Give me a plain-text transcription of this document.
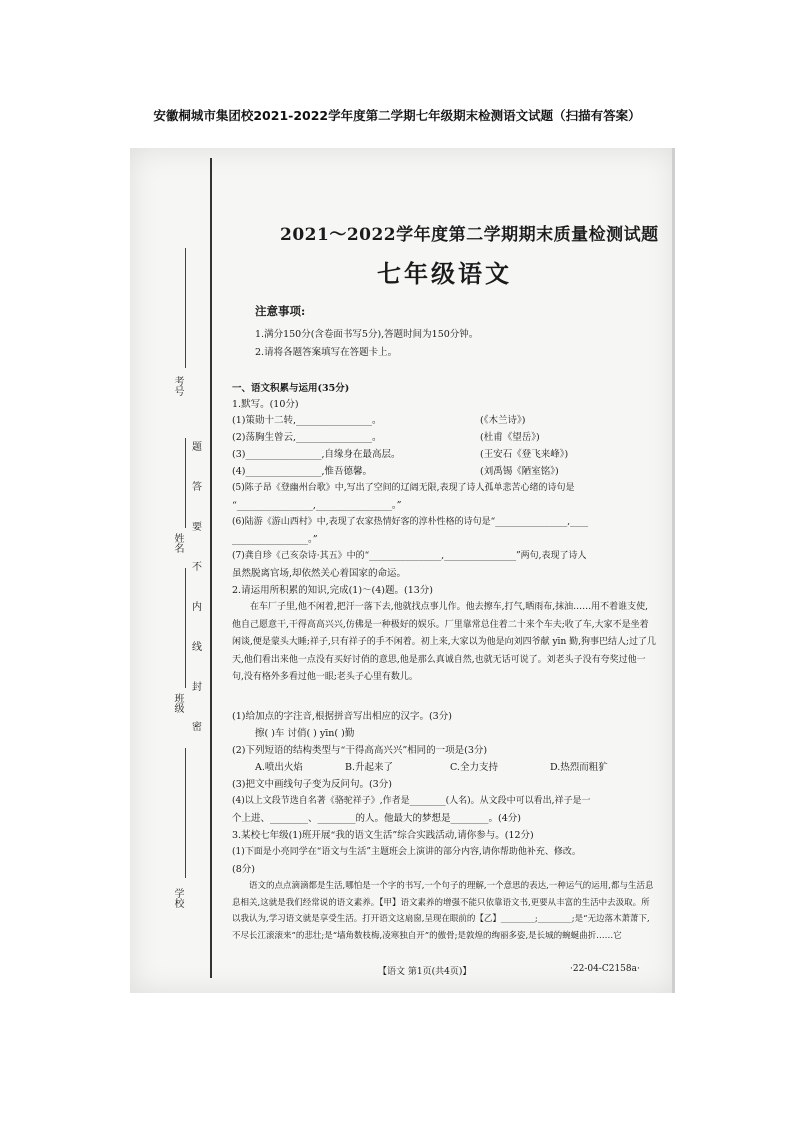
安徽桐城市集团校2021-2022学年度第二学期七年级期末检测语文试题（扫描有答案）
考号
姓名
班级
学校
题
答
要
不
内
线
封
密
2021～2022学年度第二学期期末质量检测试题
七年级语文
注意事项:
1.满分150分(含卷面书写5分),答题时间为150分钟。
2.请将各题答案填写在答题卡上。
一、语文积累与运用(35分)
1.默写。(10分)
(1)策勋十二转,________________。	(《木兰诗》)
(2)荡胸生曾云,________________。	(杜甫《望岳》)
(3)________________,自缘身在最高层。	(王安石《登飞来峰》)
(4)________________,惟吾德馨。	(刘禹锡《陋室铭》)
(5)陈子昂《登幽州台歌》中,写出了空间的辽阔无限,表现了诗人孤单悲苦心绪的诗句是
“________________,________________。”
(6)陆游《游山西村》中,表现了农家热情好客的淳朴性格的诗句是“________________,____
________________。”
(7)龚自珍《己亥杂诗·其五》中的“________________,________________”两句,表现了诗人
虽然脱离官场,却依然关心着国家的命运。
2.请运用所积累的知识,完成(1)～(4)题。(13分)
在车厂子里,他不闲着,把汗一落下去,他就找点事儿作。他去擦车,打气,晒雨布,抹油……用不着谁支使,他自己愿意干,干得高高兴兴,仿佛是一种极好的娱乐。厂里靠常总住着二十来个车夫;收了车,大家不是坐着闲谈,便是蒙头大睡;祥子,只有祥子的手不闲着。初上来,大家以为他是向刘四爷献 yīn 勤,狗事巴结人;过了几天,他们看出来他一点没有买好讨俏的意思,他是那么真诚自然,也就无话可说了。刘老头子没有夸奖过他一句,没有格外多看过他一眼;老头子心里有数儿。
(1)给加点的字注音,根据拼音写出相应的汉字。(3分)
擦( )车 讨俏( ) yīn( )勤
(2)下列短语的结构类型与“干得高高兴兴”相同的一项是(3分)
A.喷出火焰	B.升起来了	C.全力支持	D.热烈而粗犷
(3)把文中画线句子变为反问句。(3分)
(4)以上文段节选自名著《骆驼祥子》,作者是________(人名)。从文段中可以看出,祥子是一
个上进、________、________的人。他最大的梦想是________。(4分)
3.某校七年级(1)班开展“我的语文生活”综合实践活动,请你参与。(12分)
(1)下面是小亮同学在“语文与生活”主题班会上演讲的部分内容,请你帮助他补充、修改。
(8分)
语文的点点滴滴都是生活,哪怕是一个字的书写,一个句子的理解,一个意思的表达,一种运气的运用,都与生活息息相关,这就是我们经常说的语文素养。【甲】语文素养的增强不能只依靠语文书,更要从丰富的生活中去汲取。所以我认为,学习语文就是享受生活。打开语文这扇窗,呈现在眼前的【乙】________;________;是“无边落木萧萧下,不尽长江滚滚来”的悲壮;是“墙角数枝梅,凌寒独自开”的傲骨;是敦煌的绚丽多姿,是长城的蜿蜒曲折……它
【语文 第1页(共4页)】	·22-04-C2158a·
